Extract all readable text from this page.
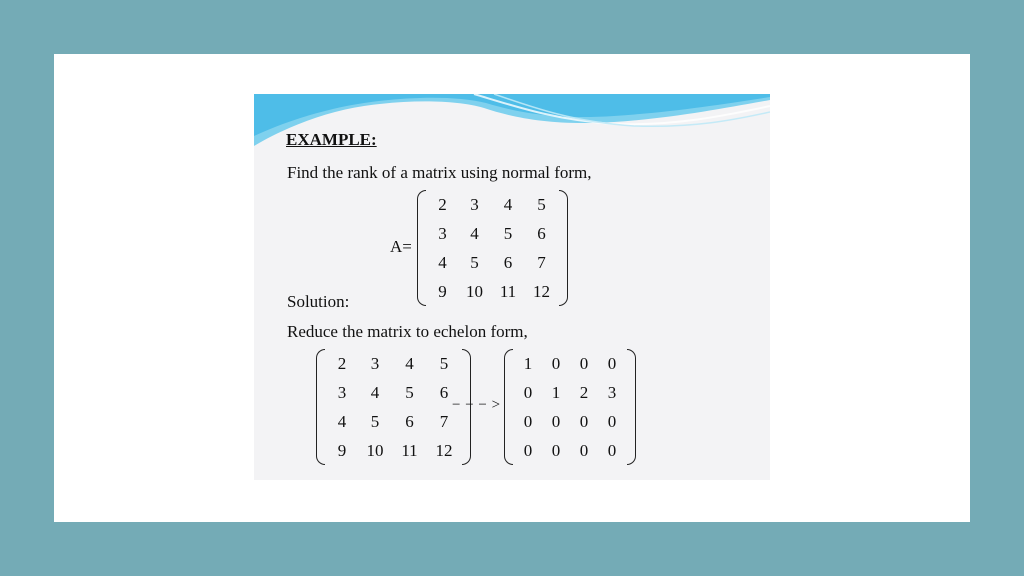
EXAMPLE:

Find the rank of a matrix using normal form,

A=
2	3	4	5
3	4	5	6
4	5	6	7
9	10 11 12

Solution:

Reduce the matrix to echelon form,

2	3	4	5
3	4	5	6
4	5	6	7
9	10	11	12
− − − >
1	0	0	0
0	1	2	3
0	0	0	0
0	0	0	0
